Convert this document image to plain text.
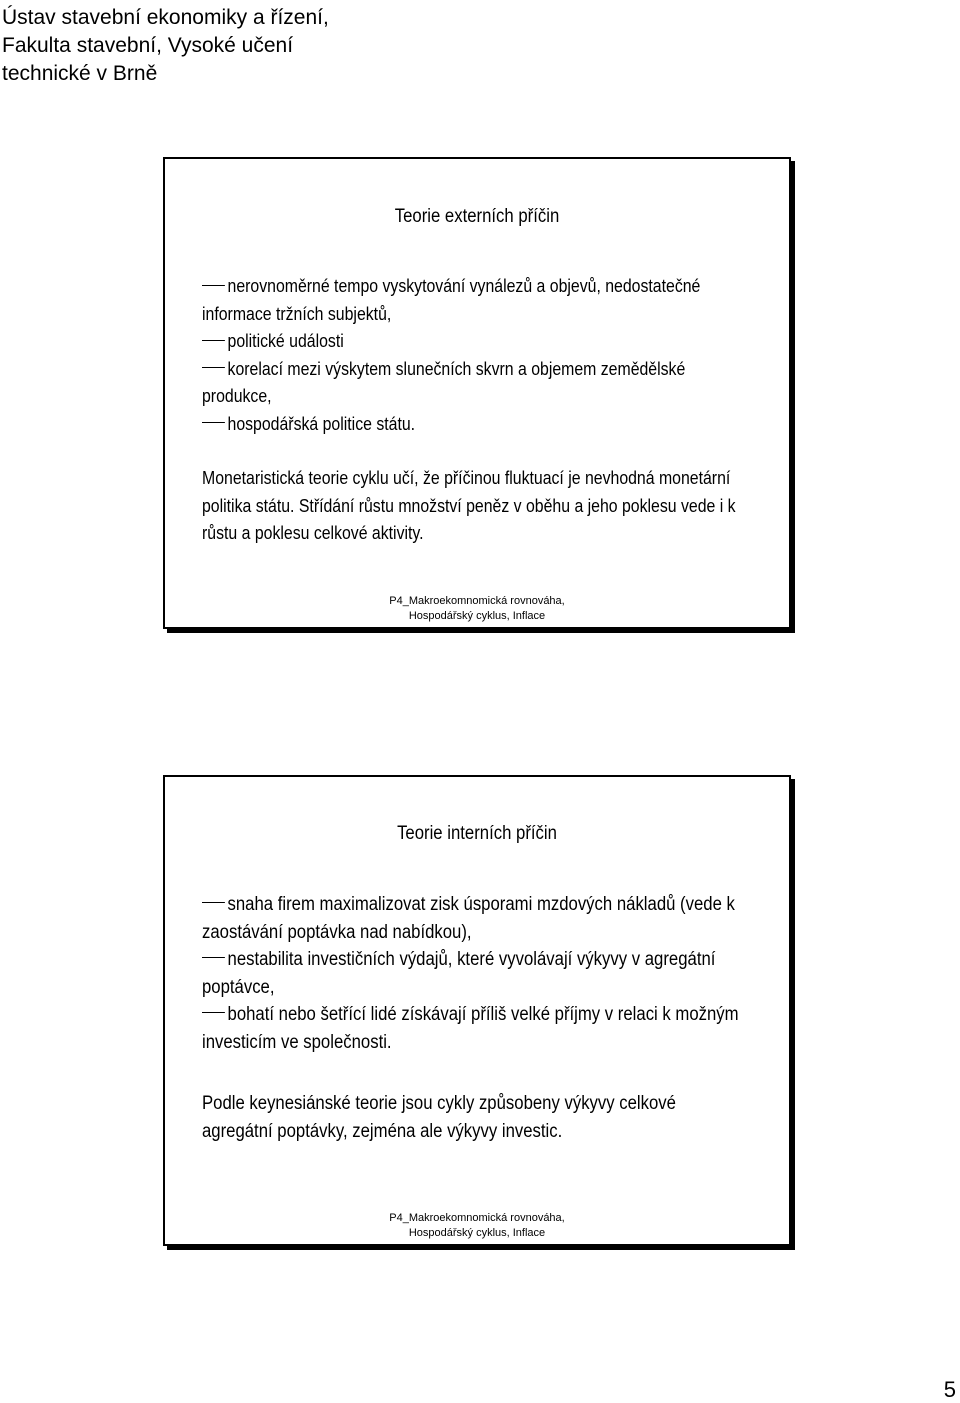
Ústav stavební ekonomiky a řízení,
Fakulta stavební, Vysoké učení
technické v Brně
Teorie externích příčin

nerovnoměrné tempo vyskytování vynálezů a objevů, nedostatečné informace tržních subjektů,

politické události

korelací mezi výskytem slunečních skvrn a objemem zemědělské produkce,

hospodářská politice státu.

Monetaristická teorie cyklu učí, že příčinou fluktuací je nevhodná monetární politika státu. Střídání růstu množství peněz v oběhu a jeho poklesu vede i k růstu a poklesu celkové aktivity.

P4_Makroekomnomická rovnováha,
Hospodářský cyklus, Inflace
Teorie interních příčin

snaha firem maximalizovat zisk úsporami mzdových nákladů (vede k zaostávání poptávka nad nabídkou),

nestabilita investičních výdajů, které vyvolávají výkyvy v agregátní poptávce,

bohatí nebo šetřící lidé získávají příliš velké příjmy v relaci k možným investicím ve společnosti.

Podle keynesiánské teorie jsou cykly způsobeny výkyvy celkové agregátní poptávky, zejména ale výkyvy investic.

P4_Makroekomnomická rovnováha,
Hospodářský cyklus, Inflace
5
